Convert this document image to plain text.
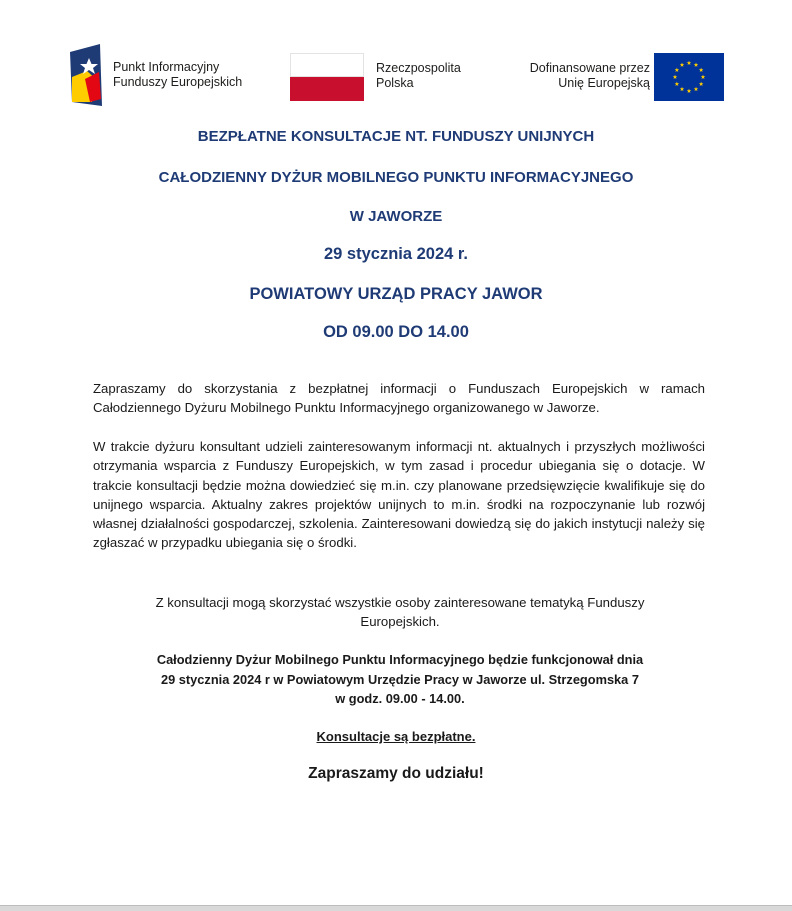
Punkt Informacyjny
Funduszy Europejskich
Rzeczpospolita
Polska
Dofinansowane przez
Unię Europejską
BEZPŁATNE KONSULTACJE NT. FUNDUSZY UNIJNYCH
CAŁODZIENNY DYŻUR MOBILNEGO PUNKTU INFORMACYJNEGO
W JAWORZE
29 stycznia 2024 r.
POWIATOWY URZĄD PRACY JAWOR
OD 09.00 DO 14.00

Zapraszamy do skorzystania z bezpłatnej informacji o Funduszach Europejskich w ramach Całodziennego Dyżuru Mobilnego Punktu Informacyjnego organizowanego w Jaworze.

W trakcie dyżuru konsultant udzieli zainteresowanym informacji nt. aktualnych i przyszłych możliwości otrzymania wsparcia z Funduszy Europejskich, w tym zasad i procedur ubiegania się o dotacje. W trakcie konsultacji będzie można dowiedzieć się m.in. czy planowane przedsięwzięcie kwalifikuje się do unijnego wsparcia. Aktualny zakres projektów unijnych to m.in. środki na rozpoczynanie lub rozwój własnej działalności gospodarczej, szkolenia. Zainteresowani dowiedzą się do jakich instytucji należy się zgłaszać w przypadku ubiegania się o środki.

Z konsultacji mogą skorzystać wszystkie osoby zainteresowane tematyką Funduszy Europejskich.

Całodzienny Dyżur Mobilnego Punktu Informacyjnego będzie funkcjonował dnia
29 stycznia 2024 r w Powiatowym Urzędzie Pracy w Jaworze ul. Strzegomska 7
w godz. 09.00 - 14.00.

Konsultacje są bezpłatne.

Zapraszamy do udziału!
